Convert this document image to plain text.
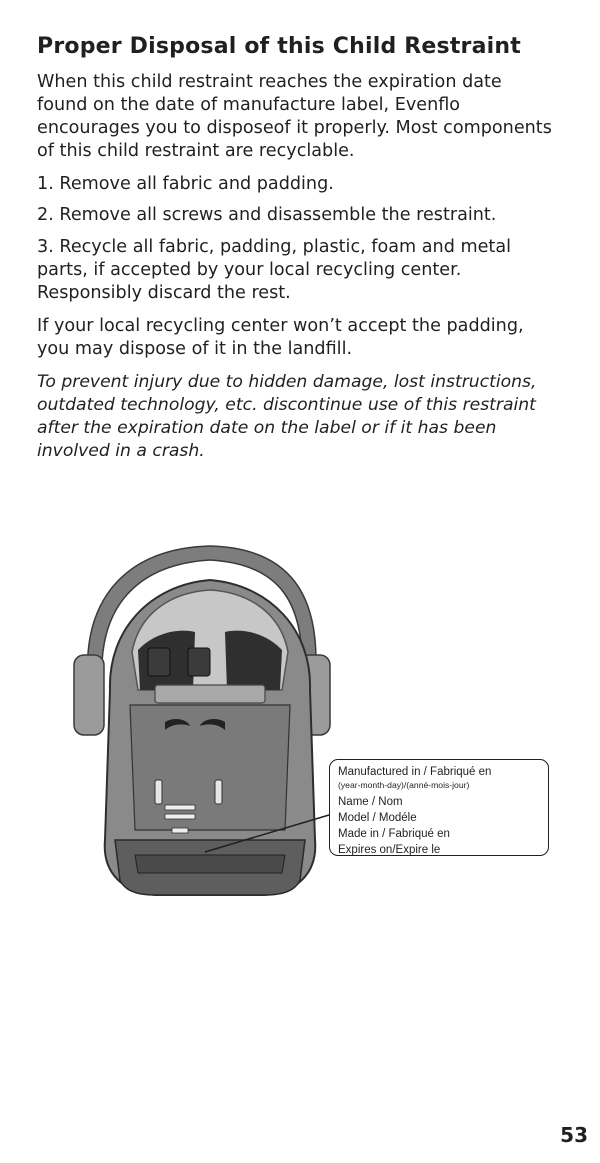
Proper Disposal of this Child Restraint

When this child restraint reaches the expiration date found on the date of manufacture label, Evenflo encourages you to disposeof it properly. Most components of this child restraint are recyclable.

1. Remove all fabric and padding.

2. Remove all screws and disassemble the restraint.

3. Recycle all fabric, padding, plastic, foam and metal parts, if accepted by your local recycling center. Responsibly discard the rest.

If your local recycling center won’t accept the padding, you may dispose of it in the landfill.

To prevent injury due to hidden damage, lost instructions, outdated technology, etc. discontinue use of this restraint after the expiration date on the label or if it has been involved in a crash.

Manufactured in / Fabriqué en
(year-month-day)/(anné-mois-jour)
Name / Nom
Model / Modéle
Made in / Fabriqué en
Expires on/Expire le
53
